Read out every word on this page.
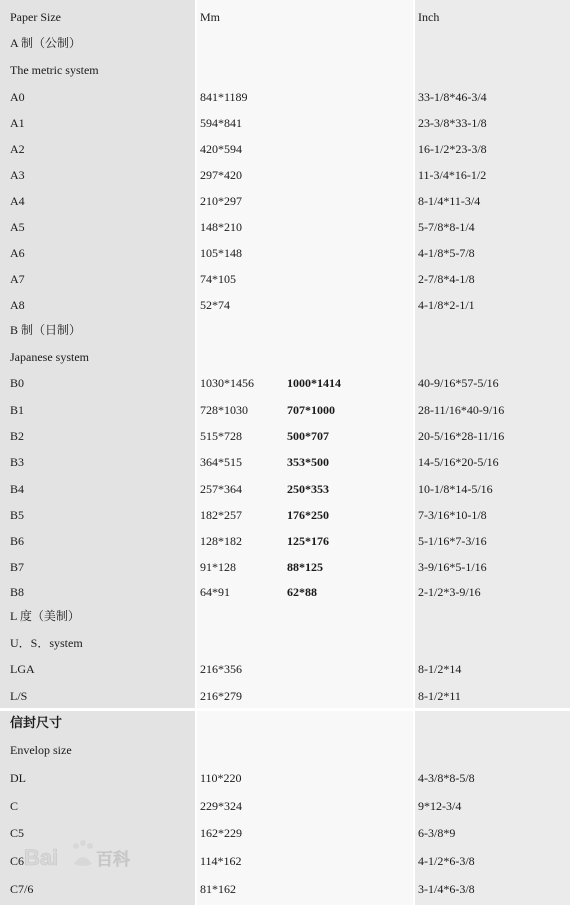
Paper Size	Mm	Inch
A 制（公制）
The metric system
A0	841*1189	33-1/8*46-3/4
A1	594*841	23-3/8*33-1/8
A2	420*594	16-1/2*23-3/8
A3	297*420	11-3/4*16-1/2
A4	210*297	8-1/4*11-3/4
A5	148*210	5-7/8*8-1/4
A6	105*148	4-1/8*5-7/8
A7	74*105	2-7/8*4-1/8
A8	52*74	4-1/8*2-1/1
B 制（日制）
Japanese system
B0	1030*1456	1000*1414	40-9/16*57-5/16
B1	728*1030	707*1000	28-11/16*40-9/16
B2	515*728	500*707	20-5/16*28-11/16
B3	364*515	353*500	14-5/16*20-5/16
B4	257*364	250*353	10-1/8*14-5/16
B5	182*257	176*250	7-3/16*10-1/8
B6	128*182	125*176	5-1/16*7-3/16
B7	91*128	88*125	3-9/16*5-1/16
B8	64*91	62*88	2-1/2*3-9/16
L 度（美制）
U．S．system
LGA	216*356	8-1/2*14
L/S	216*279	8-1/2*11
信封尺寸
Envelop size
DL	110*220	4-3/8*8-5/8
C	229*324	9*12-3/4
C5	162*229	6-3/8*9
C6	114*162	4-1/2*6-3/8
C7/6	81*162	3-1/4*6-3/8
Bai 百科
